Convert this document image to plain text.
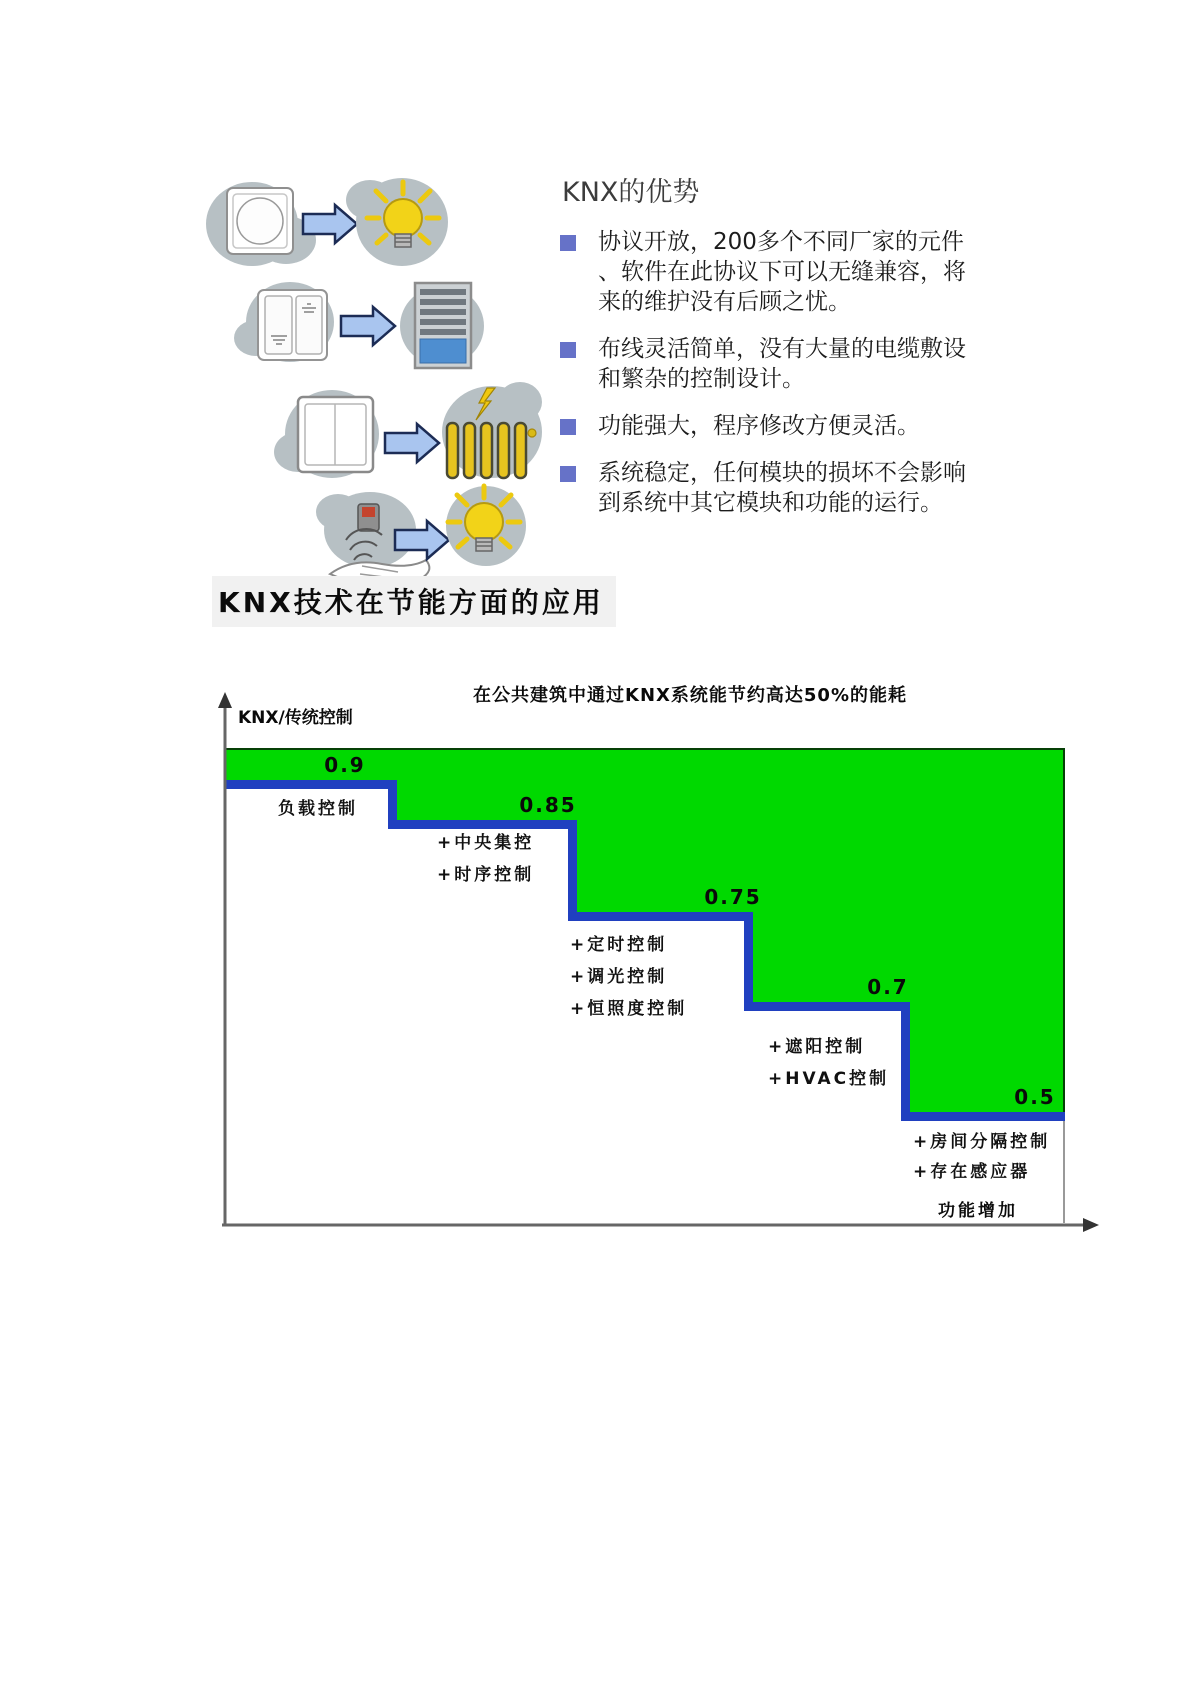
KNX的优势
协议开放，200多个不同厂家的元件
、软件在此协议下可以无缝兼容，将
来的维护没有后顾之忧。
布线灵活简单，没有大量的电缆敷设
和繁杂的控制设计。
功能强大，程序修改方便灵活。
系统稳定，任何模块的损坏不会影响
到系统中其它模块和功能的运行。
KNX技术在节能方面的应用
在公共建筑中通过KNX系统能节约高达50%的能耗
KNX/传统控制
功能增加
0.9
0.85
0.75
0.7
0.5
负载控制
+中央集控
+时序控制
+定时控制
+调光控制
+恒照度控制
+遮阳控制
+HVAC控制
+房间分隔控制
+存在感应器
